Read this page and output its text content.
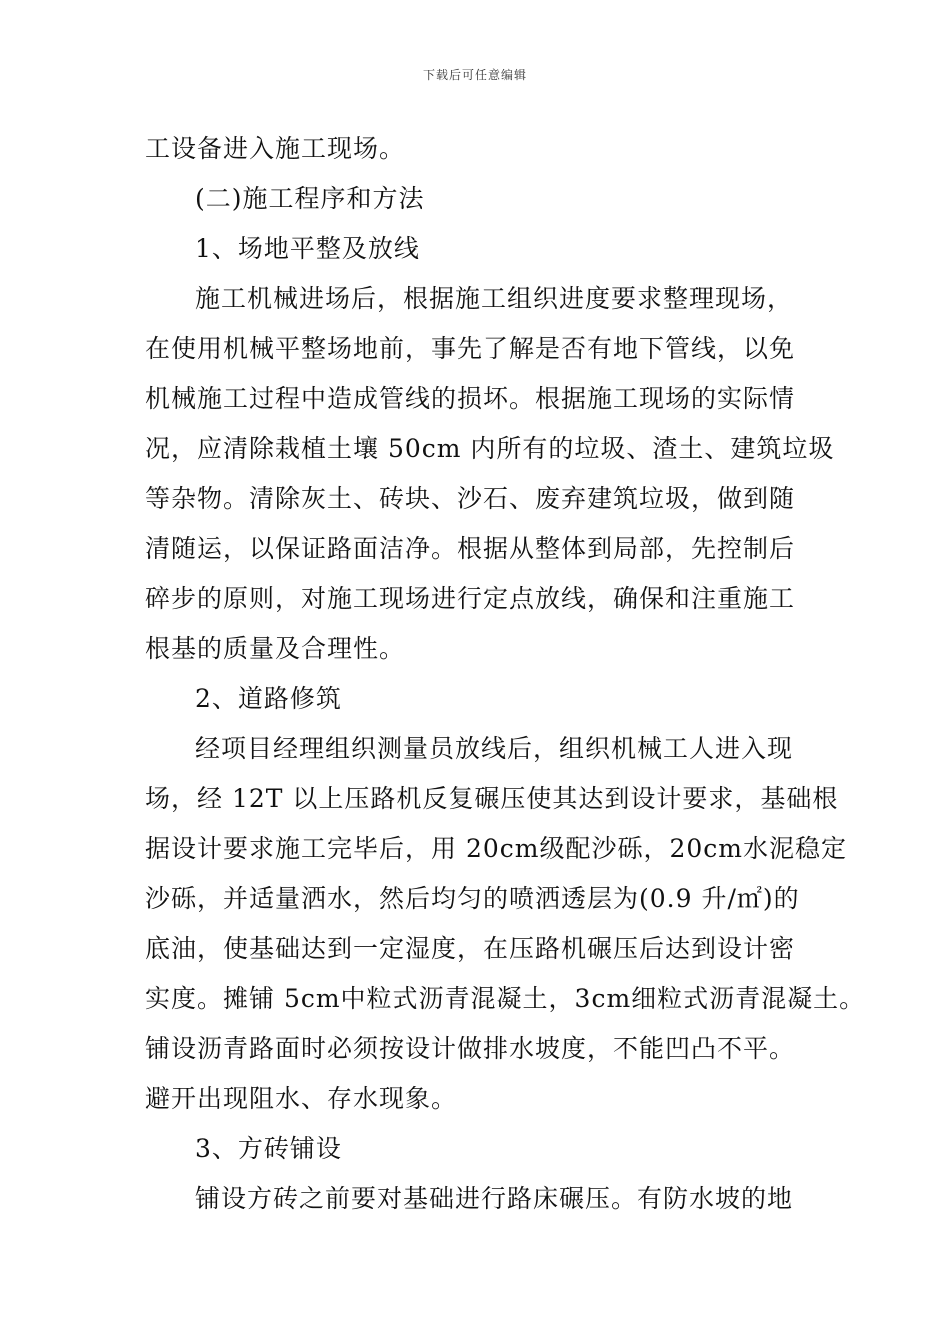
下载后可任意编辑
工设备进入施工现场。
(二)施工程序和方法
1、场地平整及放线
施工机械进场后，根据施工组织进度要求整理现场，
在使用机械平整场地前，事先了解是否有地下管线，以免
机械施工过程中造成管线的损坏。根据施工现场的实际情
况，应清除栽植土壤 50cm 内所有的垃圾、渣土、建筑垃圾
等杂物。清除灰土、砖块、沙石、废弃建筑垃圾，做到随
清随运，以保证路面洁净。根据从整体到局部，先控制后
碎步的原则，对施工现场进行定点放线，确保和注重施工
根基的质量及合理性。
2、道路修筑
经项目经理组织测量员放线后，组织机械工人进入现
场，经 12T 以上压路机反复碾压使其达到设计要求，基础根
据设计要求施工完毕后，用 20cm级配沙砾，20cm水泥稳定
沙砾，并适量洒水，然后均匀的喷洒透层为(0.9 升/㎡)的
底油，使基础达到一定湿度，在压路机碾压后达到设计密
实度。摊铺 5cm中粒式沥青混凝土，3cm细粒式沥青混凝土。
铺设沥青路面时必须按设计做排水坡度，不能凹凸不平。
避开出现阻水、存水现象。
3、方砖铺设
铺设方砖之前要对基础进行路床碾压。有防水坡的地
